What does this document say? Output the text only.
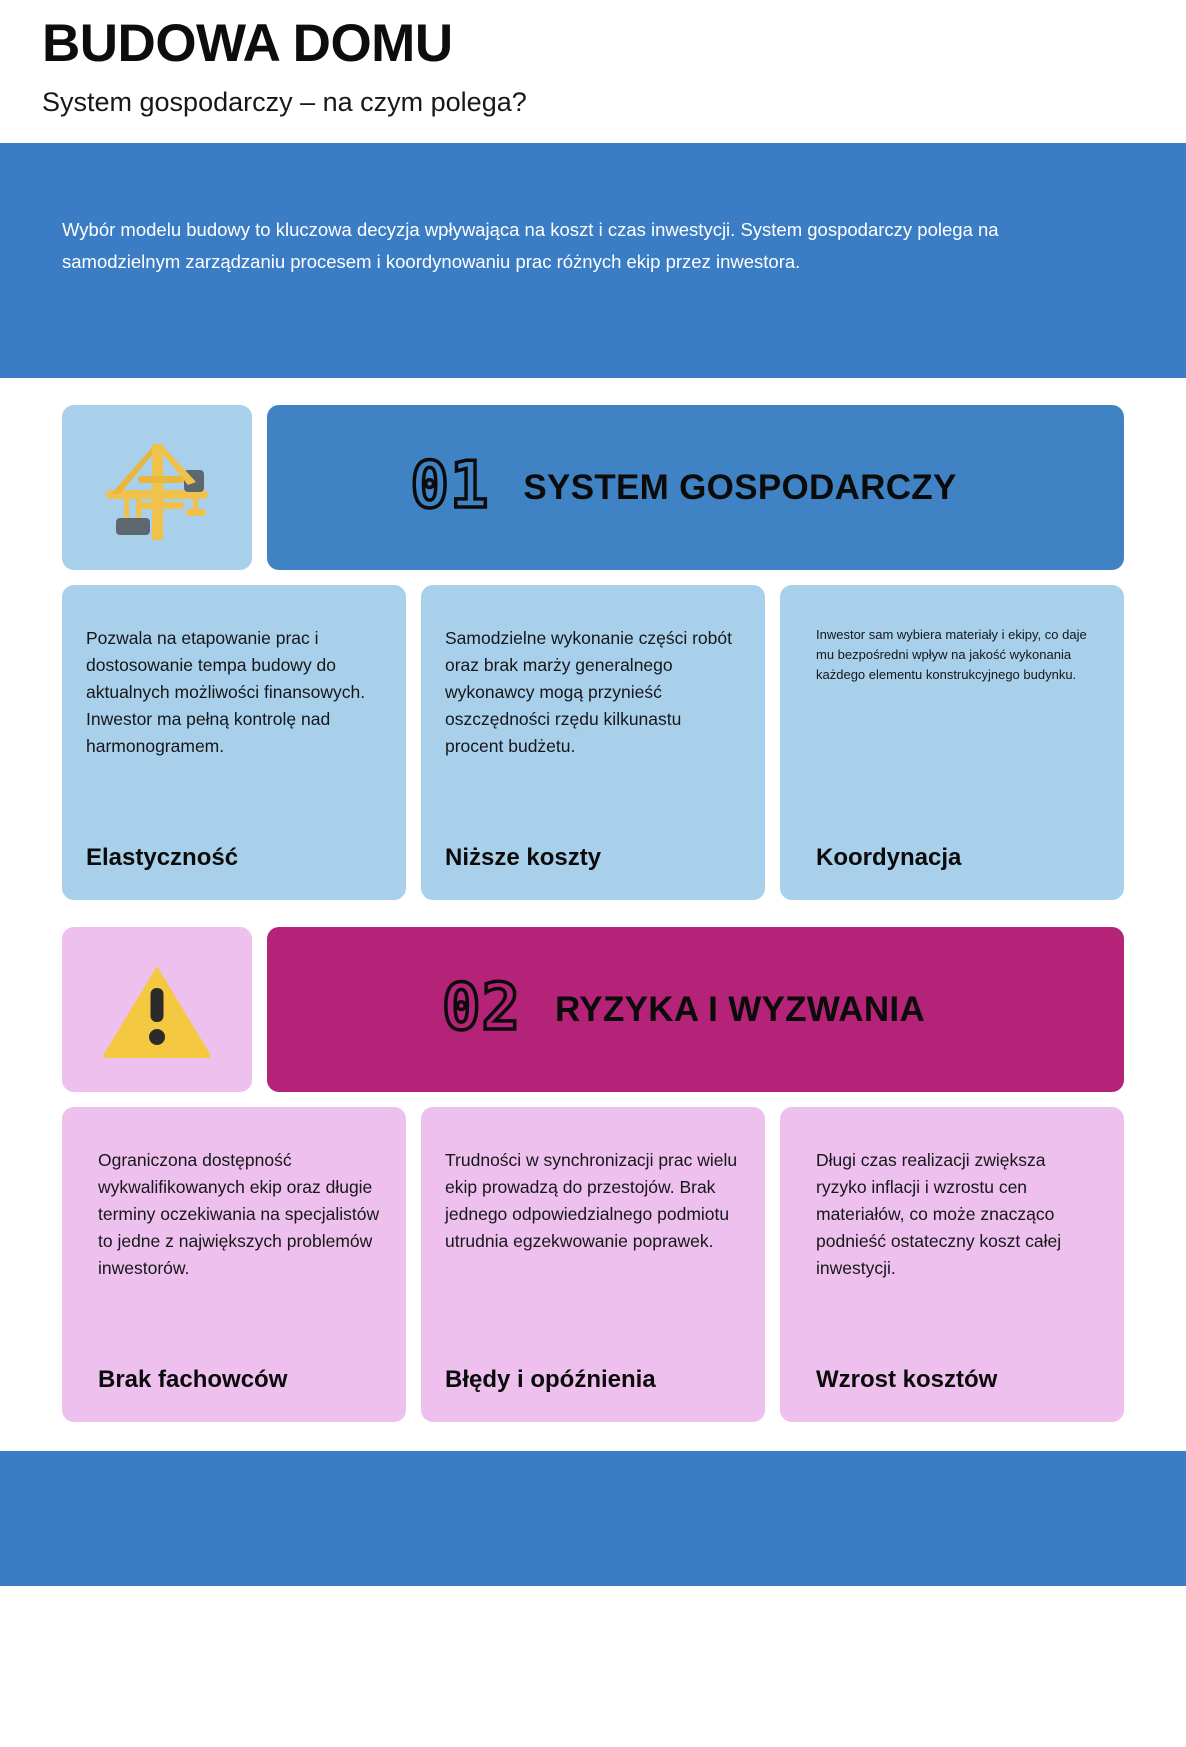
BUDOWA DOMU
System gospodarczy – na czym polega?

Wybór modelu budowy to kluczowa decyzja wpływająca na koszt i czas inwestycji. System gospodarczy polega na samodzielnym zarządzaniu procesem i koordynowaniu prac różnych ekip przez inwestora.

01 SYSTEM GOSPODARCZY
Pozwala na etapowanie prac i dostosowanie tempa budowy do aktualnych możliwości finansowych. Inwestor ma pełną kontrolę nad harmonogramem.
Elastyczność
Samodzielne wykonanie części robót oraz brak marży generalnego wykonawcy mogą przynieść oszczędności rzędu kilkunastu procent budżetu.
Niższe koszty
Inwestor sam wybiera materiały i ekipy, co daje mu bezpośredni wpływ na jakość wykonania każdego elementu konstrukcyjnego budynku.
Koordynacja
02 RYZYKA I WYZWANIA
Ograniczona dostępność wykwalifikowanych ekip oraz długie terminy oczekiwania na specjalistów to jedne z największych problemów inwestorów.
Brak fachowców
Trudności w synchronizacji prac wielu ekip prowadzą do przestojów. Brak jednego odpowiedzialnego podmiotu utrudnia egzekwowanie poprawek.
Błędy i opóźnienia
Długi czas realizacji zwiększa ryzyko inflacji i wzrostu cen materiałów, co może znacząco podnieść ostateczny koszt całej inwestycji.
Wzrost kosztów
